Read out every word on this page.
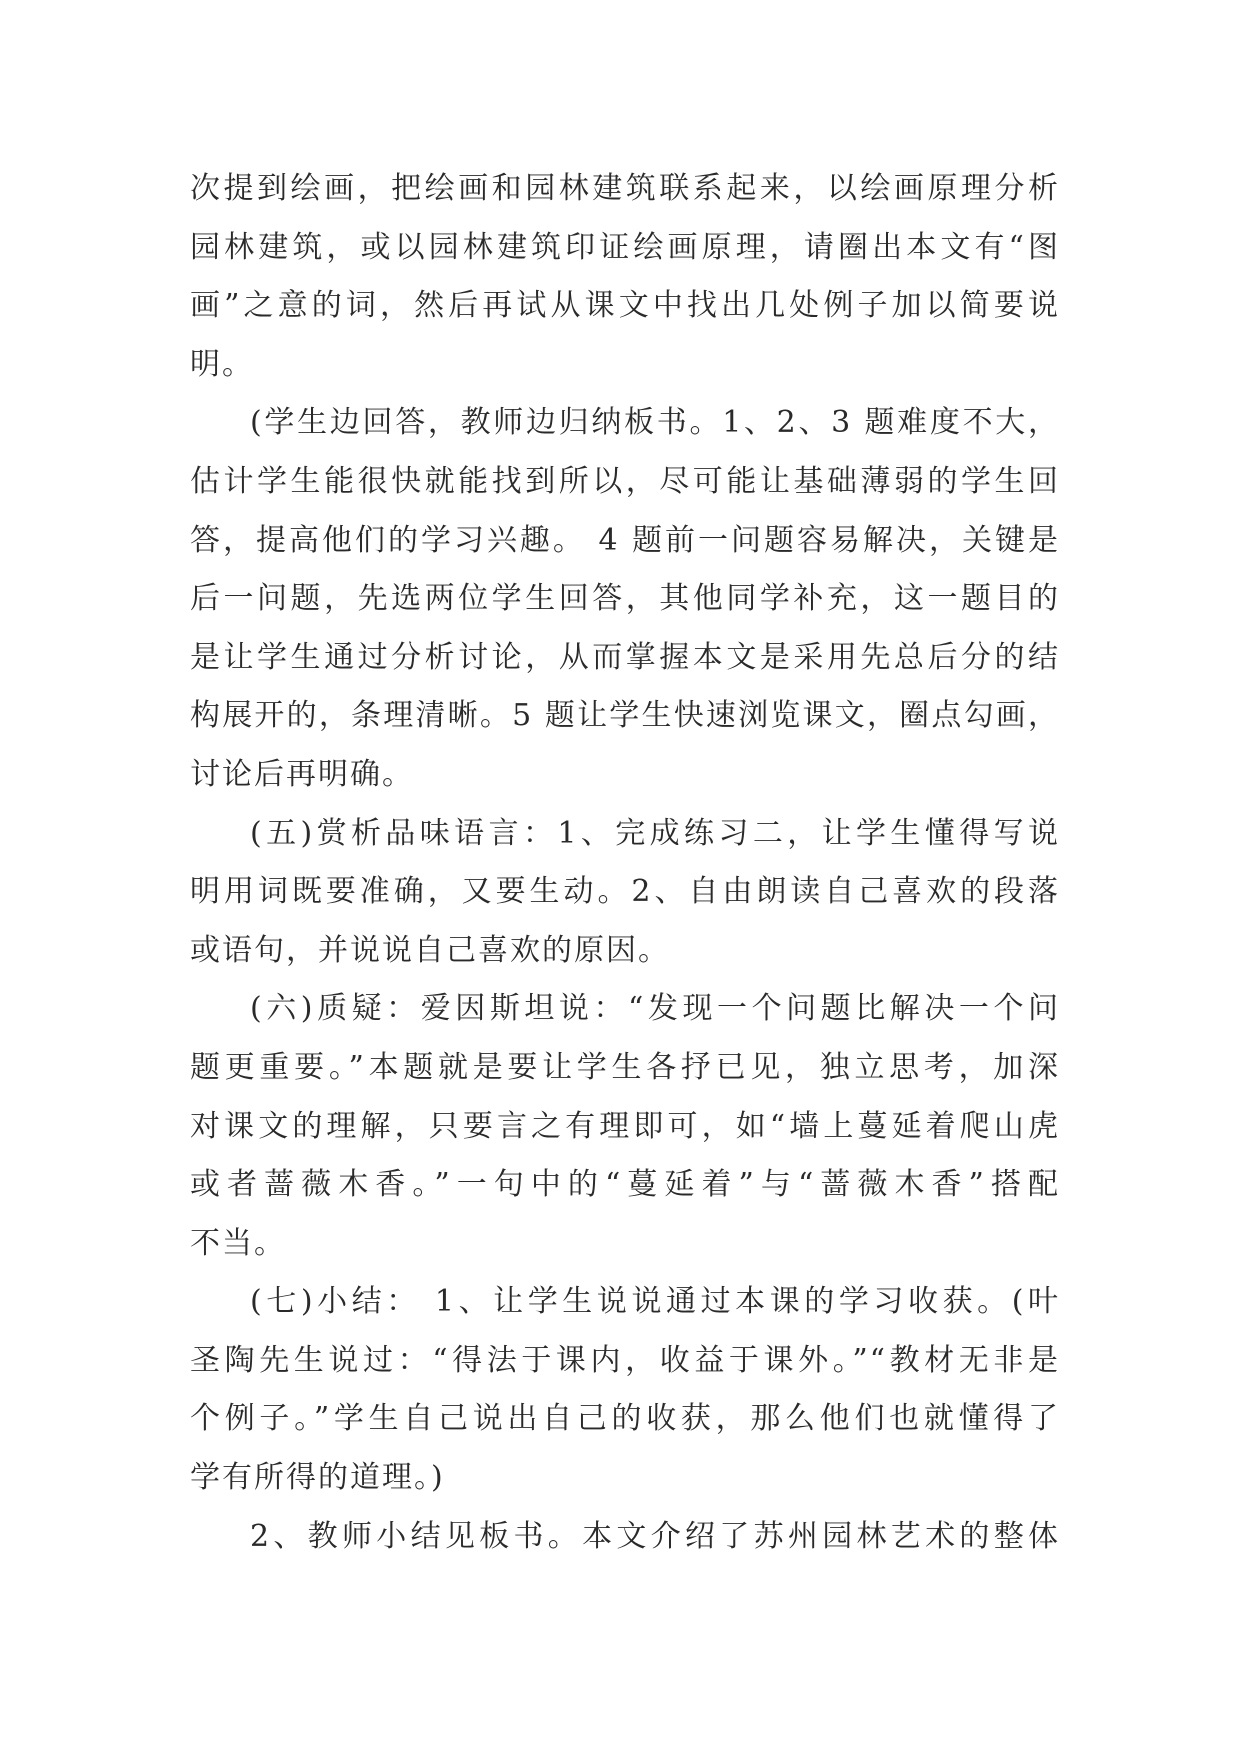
次提到绘画，把绘画和园林建筑联系起来，以绘画原理分析
园林建筑，或以园林建筑印证绘画原理，请圈出本文有“图
画”之意的词，然后再试从课文中找出几处例子加以简要说
明。
(学生边回答，教师边归纳板书。1、2、3 题难度不大，
估计学生能很快就能找到所以，尽可能让基础薄弱的学生回
答，提高他们的学习兴趣。 4 题前一问题容易解决，关键是
后一问题，先选两位学生回答，其他同学补充，这一题目的
是让学生通过分析讨论，从而掌握本文是采用先总后分的结
构展开的，条理清晰。5 题让学生快速浏览课文，圈点勾画，
讨论后再明确。
(五)赏析品味语言：1、完成练习二，让学生懂得写说
明用词既要准确，又要生动。2、自由朗读自己喜欢的段落
或语句，并说说自己喜欢的原因。
(六)质疑：爱因斯坦说：“发现一个问题比解决一个问
题更重要。”本题就是要让学生各抒已见，独立思考，加深
对课文的理解，只要言之有理即可，如“墙上蔓延着爬山虎
或者蔷薇木香。”一句中的“蔓延着”与“蔷薇木香”搭配
不当。
(七)小结： 1、让学生说说通过本课的学习收获。(叶
圣陶先生说过：“得法于课内，收益于课外。”“教材无非是
个例子。”学生自己说出自己的收获，那么他们也就懂得了
学有所得的道理。)
2、教师小结见板书。本文介绍了苏州园林艺术的整体
